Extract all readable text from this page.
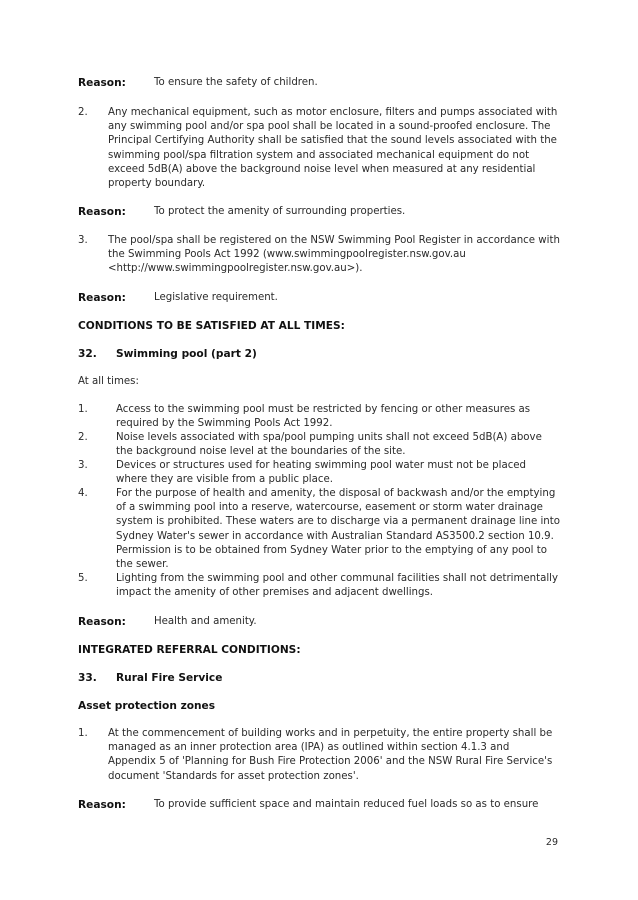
Reason:	To ensure the safety of children.
2. Any mechanical equipment, such as motor enclosure, filters and pumps associated with any swimming pool and/or spa pool shall be located in a sound-proofed enclosure. The Principal Certifying Authority shall be satisfied that the sound levels associated with the swimming pool/spa filtration system and associated mechanical equipment do not exceed 5dB(A) above the background noise level when measured at any residential property boundary.
Reason:	To protect the amenity of surrounding properties.
3. The pool/spa shall be registered on the NSW Swimming Pool Register in accordance with the Swimming Pools Act 1992 (www.swimmingpoolregister.nsw.gov.au <http://www.swimmingpoolregister.nsw.gov.au>).
Reason:	Legislative requirement.
CONDITIONS TO BE SATISFIED AT ALL TIMES:
32. Swimming pool (part 2)
At all times:
1.	Access to the swimming pool must be restricted by fencing or other measures as required by the Swimming Pools Act 1992.
2.	Noise levels associated with spa/pool pumping units shall not exceed 5dB(A) above the background noise level at the boundaries of the site.
3.	Devices or structures used for heating swimming pool water must not be placed where they are visible from a public place.
4.	For the purpose of health and amenity, the disposal of backwash and/or the emptying of a swimming pool into a reserve, watercourse, easement or storm water drainage system is prohibited. These waters are to discharge via a permanent drainage line into Sydney Water's sewer in accordance with Australian Standard AS3500.2 section 10.9. Permission is to be obtained from Sydney Water prior to the emptying of any pool to the sewer.
5.	Lighting from the swimming pool and other communal facilities shall not detrimentally impact the amenity of other premises and adjacent dwellings.
Reason:	Health and amenity.
INTEGRATED REFERRAL CONDITIONS:
33. Rural Fire Service
Asset protection zones
1. At the commencement of building works and in perpetuity, the entire property shall be managed as an inner protection area (IPA) as outlined within section 4.1.3 and Appendix 5 of 'Planning for Bush Fire Protection 2006' and the NSW Rural Fire Service's document 'Standards for asset protection zones'.
Reason:	To provide sufficient space and maintain reduced fuel loads so as to ensure
29
